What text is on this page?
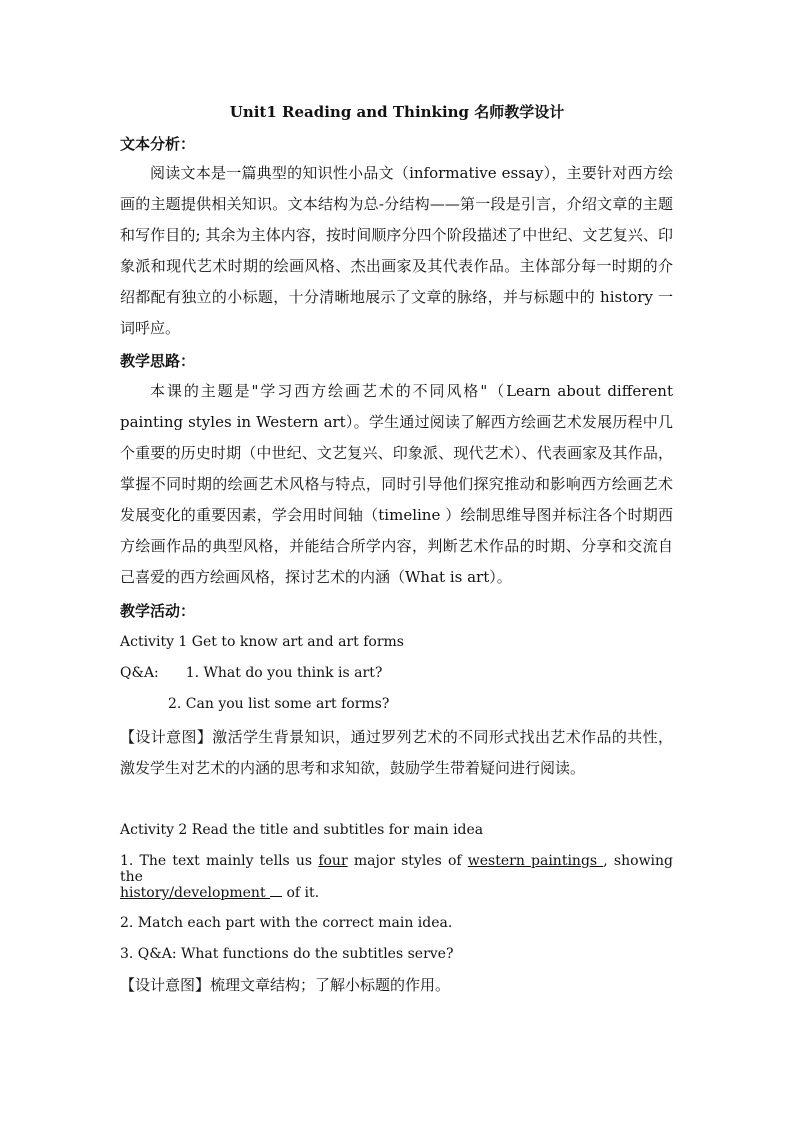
Unit1 Reading and Thinking 名师教学设计
文本分析：
阅读文本是一篇典型的知识性小品文（informative essay），主要针对西方绘画的主题提供相关知识。文本结构为总-分结构——第一段是引言，介绍文章的主题和写作目的; 其余为主体内容，按时间顺序分四个阶段描述了中世纪、文艺复兴、印象派和现代艺术时期的绘画风格、杰出画家及其代表作品。主体部分每一时期的介绍都配有独立的小标题，十分清晰地展示了文章的脉络，并与标题中的 history 一词呼应。
教学思路：
本课的主题是"学习西方绘画艺术的不同风格"（Learn about different painting styles in Western art）。学生通过阅读了解西方绘画艺术发展历程中几个重要的历史时期（中世纪、文艺复兴、印象派、现代艺术）、代表画家及其作品，掌握不同时期的绘画艺术风格与特点，同时引导他们探究推动和影响西方绘画艺术发展变化的重要因素，学会用时间轴（timeline ）绘制思维导图并标注各个时期西方绘画作品的典型风格，并能结合所学内容，判断艺术作品的时期、分享和交流自己喜爱的西方绘画风格，探讨艺术的内涵（What is art）。
教学活动：
Activity 1 Get to know art and art forms
Q&A: 1. What do you think is art?
2. Can you list some art forms?
【设计意图】激活学生背景知识，通过罗列艺术的不同形式找出艺术作品的共性，激发学生对艺术的内涵的思考和求知欲，鼓励学生带着疑问进行阅读。
Activity 2 Read the title and subtitles for main idea
1. The text mainly tells us four major styles of western paintings , showing the
history/development  of it.
2. Match each part with the correct main idea.
3. Q&A: What functions do the subtitles serve?
【设计意图】梳理文章结构；了解小标题的作用。
